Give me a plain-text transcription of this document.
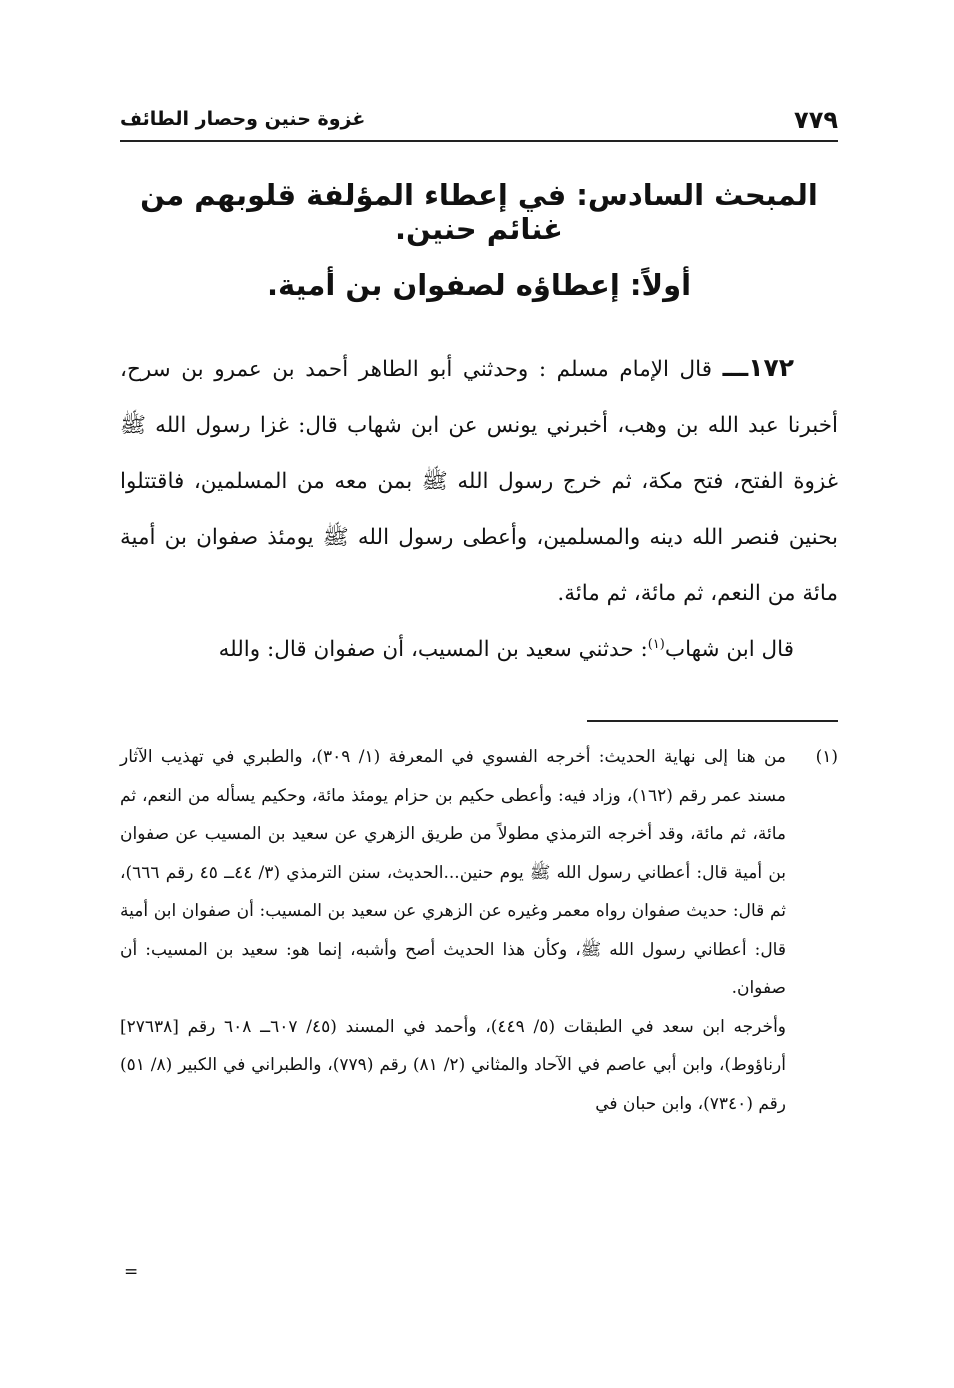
٧٧٩
غزوة حنين وحصار الطائف
المبحث السادس: في إعطاء المؤلفة قلوبهم من غنائم حنين.
أولاً: إعطاؤه لصفوان بن أمية.

١٧٢ـــ قال الإمام مسلم : وحدثني أبو الطاهر أحمد بن عمرو بن سرح، أخبرنا عبد الله بن وهب، أخبرني يونس عن ابن شهاب قال: غزا رسول الله ﷺ غزوة الفتح، فتح مكة، ثم خرج رسول الله ﷺ بمن معه من المسلمين، فاقتتلوا بحنين فنصر الله دينه والمسلمين، وأعطى رسول الله ﷺ يومئذ صفوان بن أمية مائة من النعم، ثم مائة، ثم مائة.

قال ابن شهاب$^{(١)}$: حدثني سعيد بن المسيب، أن صفوان قال: والله

(١)
من هنا إلى نهاية الحديث: أخرجه الفسوي في المعرفة (١/ ٣٠٩)، والطبري في تهذيب الآثار مسند عمر رقم (١٦٢)، وزاد فيه: وأعطى حكيم بن حزام يومئذ مائة، وحكيم يسأله من النعم، ثم مائة، ثم مائة، وقد أخرجه الترمذي مطولاً من طريق الزهري عن سعيد بن المسيب عن صفوان بن أمية قال: أعطاني رسول الله ﷺ يوم حنين...الحديث، سنن الترمذي (٣/ ٤٤ــ ٤٥ رقم ٦٦٦)، ثم قال: حديث صفوان رواه معمر وغيره عن الزهري عن سعيد بن المسيب: أن صفوان ابن أمية قال: أعطاني رسول الله ﷺ، وكأن هذا الحديث أصح وأشبه، إنما هو: سعيد بن المسيب: أن صفوان.

وأخرجه ابن سعد في الطبقات (٥/ ٤٤٩)، وأحمد في المسند (٤٥/ ٦٠٧ــ ٦٠٨ رقم [٢٧٦٣٨] أرناؤوط)، وابن أبي عاصم في الآحاد والمثاني (٢/ ٨١) رقم (٧٧٩)، والطبراني في الكبير (٨/ ٥١) رقم (٧٣٤٠)، وابن حبان في

=
